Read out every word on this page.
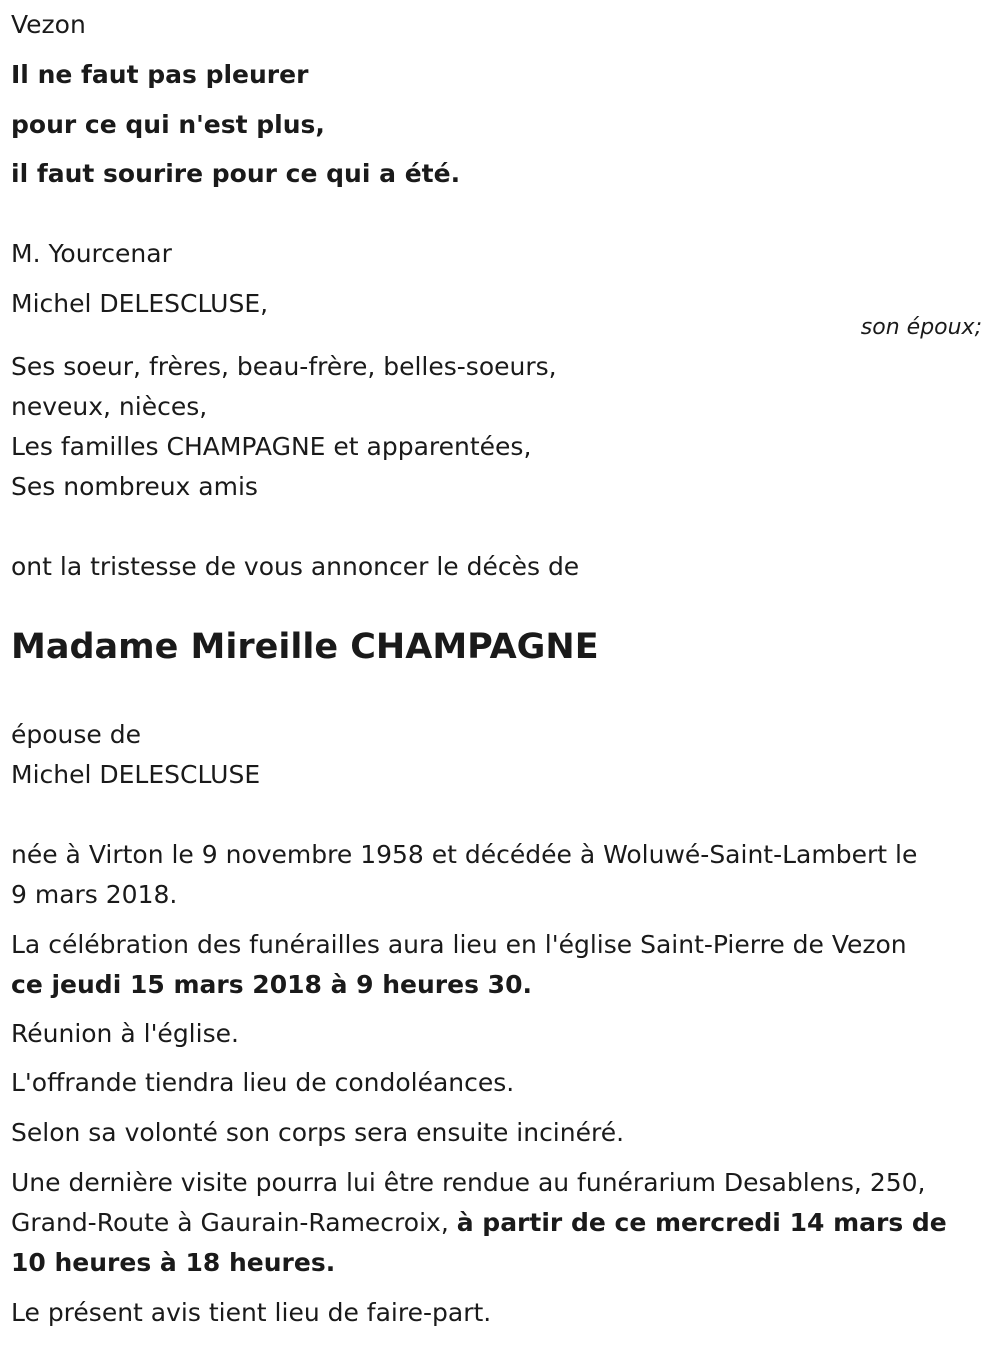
Vezon
Il ne faut pas pleurer
pour ce qui n'est plus,
il faut sourire pour ce qui a été.
M. Yourcenar
Michel DELESCLUSE,
son époux;
Ses soeur, frères, beau-frère, belles-soeurs,
neveux, nièces,
Les familles CHAMPAGNE et apparentées,
Ses nombreux amis
ont la tristesse de vous annoncer le décès de
Madame Mireille CHAMPAGNE
épouse de
Michel DELESCLUSE
née à Virton le 9 novembre 1958 et décédée à Woluwé-Saint-Lambert le
9 mars 2018.
La célébration des funérailles aura lieu en l'église Saint-Pierre de Vezon
ce jeudi 15 mars 2018 à 9 heures 30.
Réunion à l'église.
L'offrande tiendra lieu de condoléances.
Selon sa volonté son corps sera ensuite incinéré.
Une dernière visite pourra lui être rendue au funérarium Desablens, 250,
Grand-Route à Gaurain-Ramecroix, à partir de ce mercredi 14 mars de
10 heures à 18 heures.
Le présent avis tient lieu de faire-part.
